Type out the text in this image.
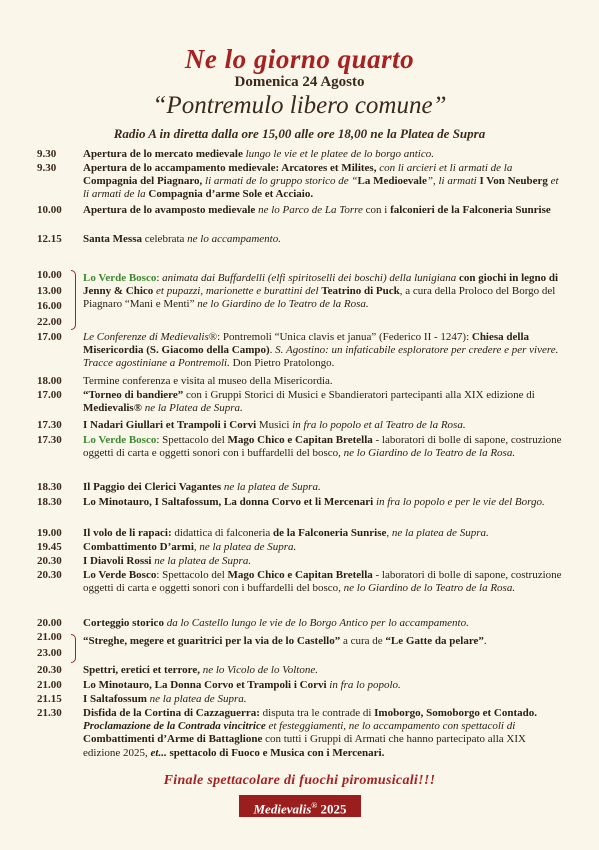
Ne lo giorno quarto
Domenica 24 Agosto
“Pontremulo libero comune”
Radio A in diretta dalla ore 15,00 alle ore 18,00 ne la Platea de Supra
9.30 Apertura de lo mercato medievale lungo le vie et le platee de lo borgo antico.
9.30 Apertura de lo accampamento medievale: Arcatores et Milites, con li arcieri et li armati de la Compagnia del Piagnaro, li armati de lo gruppo storico de “La Medioevale”, li armati I Von Neuberg et li armati de la Compagnia d’arme Sole et Acciaio.
10.00 Apertura de lo avamposto medievale ne lo Parco de La Torre con i falconieri de la Falconeria Sunrise
12.15 Santa Messa celebrata ne lo accampamento.
10.00
13.00
16.00
22.00
Lo Verde Bosco: animata dai Buffardelli (elfi spiritoselli dei boschi) della lunigiana con giochi in legno di Jenny & Chico et pupazzi, marionette e burattini del Teatrino di Puck, a cura della Proloco del Borgo del Piagnaro “Mani e Menti” ne lo Giardino de lo Teatro de la Rosa.
17.00 Le Conferenze di Medievalis®: Pontremoli “Unica clavis et janua” (Federico II - 1247): Chiesa della Misericordia (S. Giacomo della Campo). S. Agostino: un infaticabile esploratore per credere e per vivere. Tracce agostiniane a Pontremoli. Don Pietro Pratolongo.
18.00 Termine conferenza e visita al museo della Misericordia.
17.00 “Torneo di bandiere” con i Gruppi Storici di Musici e Sbandieratori partecipanti alla XIX edizione di Medievalis® ne la Platea de Supra.
17.30 I Nadari Giullari et Trampoli i Corvi Musici in fra lo popolo et al Teatro de la Rosa.
17.30 Lo Verde Bosco: Spettacolo del Mago Chico e Capitan Bretella - laboratori di bolle di sapone, costruzione oggetti di carta e oggetti sonori con i buffardelli del bosco, ne lo Giardino de lo Teatro de la Rosa.
18.30 Il Paggio dei Clerici Vagantes ne la platea de Supra.
18.30 Lo Minotauro, I Saltafossum, La donna Corvo et li Mercenari in fra lo popolo e per le vie del Borgo.
19.00 Il volo de li rapaci: didattica di falconeria de la Falconeria Sunrise, ne la platea de Supra.
19.45 Combattimento D’armi, ne la platea de Supra.
20.30 I Diavoli Rossi ne la platea de Supra.
20.30 Lo Verde Bosco: Spettacolo del Mago Chico e Capitan Bretella - laboratori di bolle di sapone, costruzione oggetti di carta e oggetti sonori con i buffardelli del bosco, ne lo Giardino de lo Teatro de la Rosa.
20.00 Corteggio storico da lo Castello lungo le vie de lo Borgo Antico per lo accampamento.
21.00
23.00
“Streghe, megere et guaritrici per la via de lo Castello” a cura de “Le Gatte da pelare”.
20.30 Spettri, eretici et terrore, ne lo Vicolo de lo Voltone.
21.00 Lo Minotauro, La Donna Corvo et Trampoli i Corvi in fra lo popolo.
21.15 I Saltafossum ne la platea de Supra.
21.30 Disfida de la Cortina di Cazzaguerra: disputa tra le contrade di Imoborgo, Somoborgo et Contado. Proclamazione de la Contrada vincitrice et festeggiamenti, ne lo accampamento con spettacoli di Combattimenti d’Arme di Battaglione con tutti i Gruppi di Armati che hanno partecipato alla XIX edizione 2025, et... spettacolo di Fuoco e Musica con i Mercenari.
Finale spettacolare di fuochi piromusicali!!!
Medievalis® 2025
